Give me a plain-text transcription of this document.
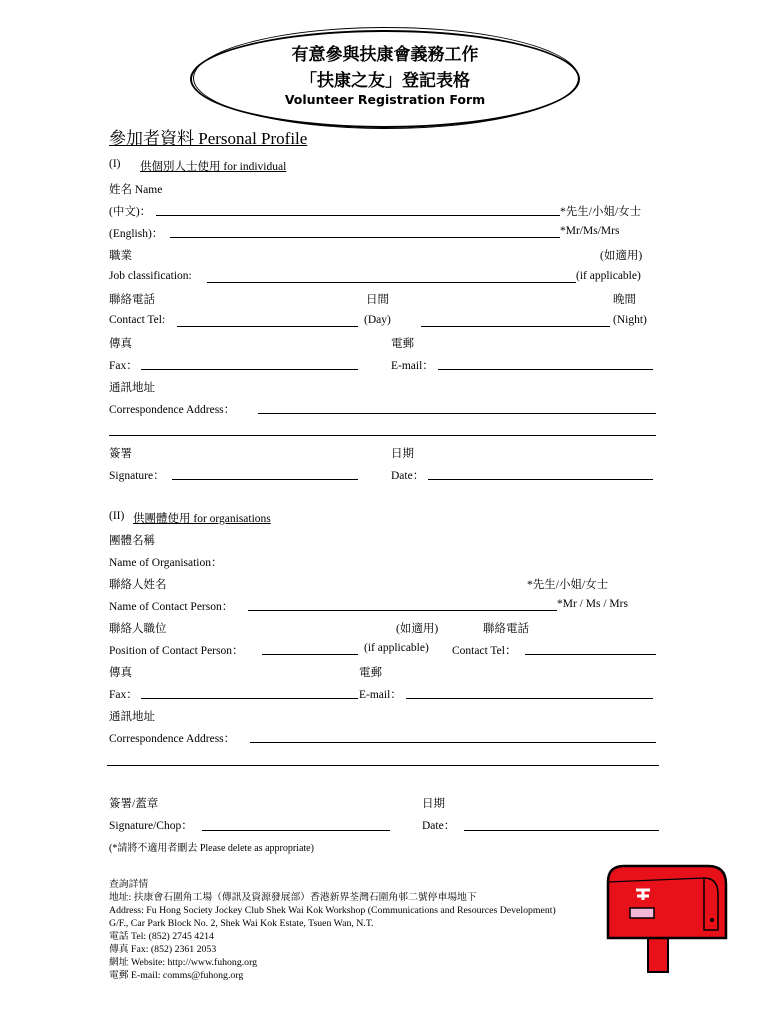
有意參與扶康會義務工作
「扶康之友」登記表格
Volunteer Registration Form
參加者資料 Personal Profile
(I) 供個別人士使用 for individual
姓名 Name
(中文)：	*先生/小姐/女士
(English)：	*Mr/Ms/Mrs
職業	(如適用)
Job classification:	(if applicable)
聯絡電話	日間	晚間
Contact Tel:	(Day)	(Night)
傳真	電郵
Fax：	E-mail：
通訊地址
Correspondence Address：
簽署	日期
Signature：	Date：
(II) 供團體使用 for organisations
團體名稱
Name of Organisation：
聯絡人姓名	*先生/小姐/女士
Name of Contact Person：	*Mr / Ms / Mrs
聯絡人職位	(如適用)	聯絡電話
Position of Contact Person：	(if applicable) Contact Tel：
傳真	電郵
Fax：	E-mail：
通訊地址
Correspondence Address：
簽署/蓋章	日期
Signature/Chop：	Date：
(*請將不適用者刪去 Please delete as appropriate)
查詢詳情
地址: 扶康會石圍角工場（傳訊及資源發展部）香港新界荃灣石圍角邨二號停車場地下
Address: Fu Hong Society Jockey Club Shek Wai Kok Workshop (Communications and Resources Development)
G/F., Car Park Block No. 2, Shek Wai Kok Estate, Tsuen Wan, N.T.
電話 Tel: (852) 2745 4214
傳真 Fax: (852) 2361 2053
網址 Website: http://www.fuhong.org
電郵 E-mail: comms@fuhong.org
